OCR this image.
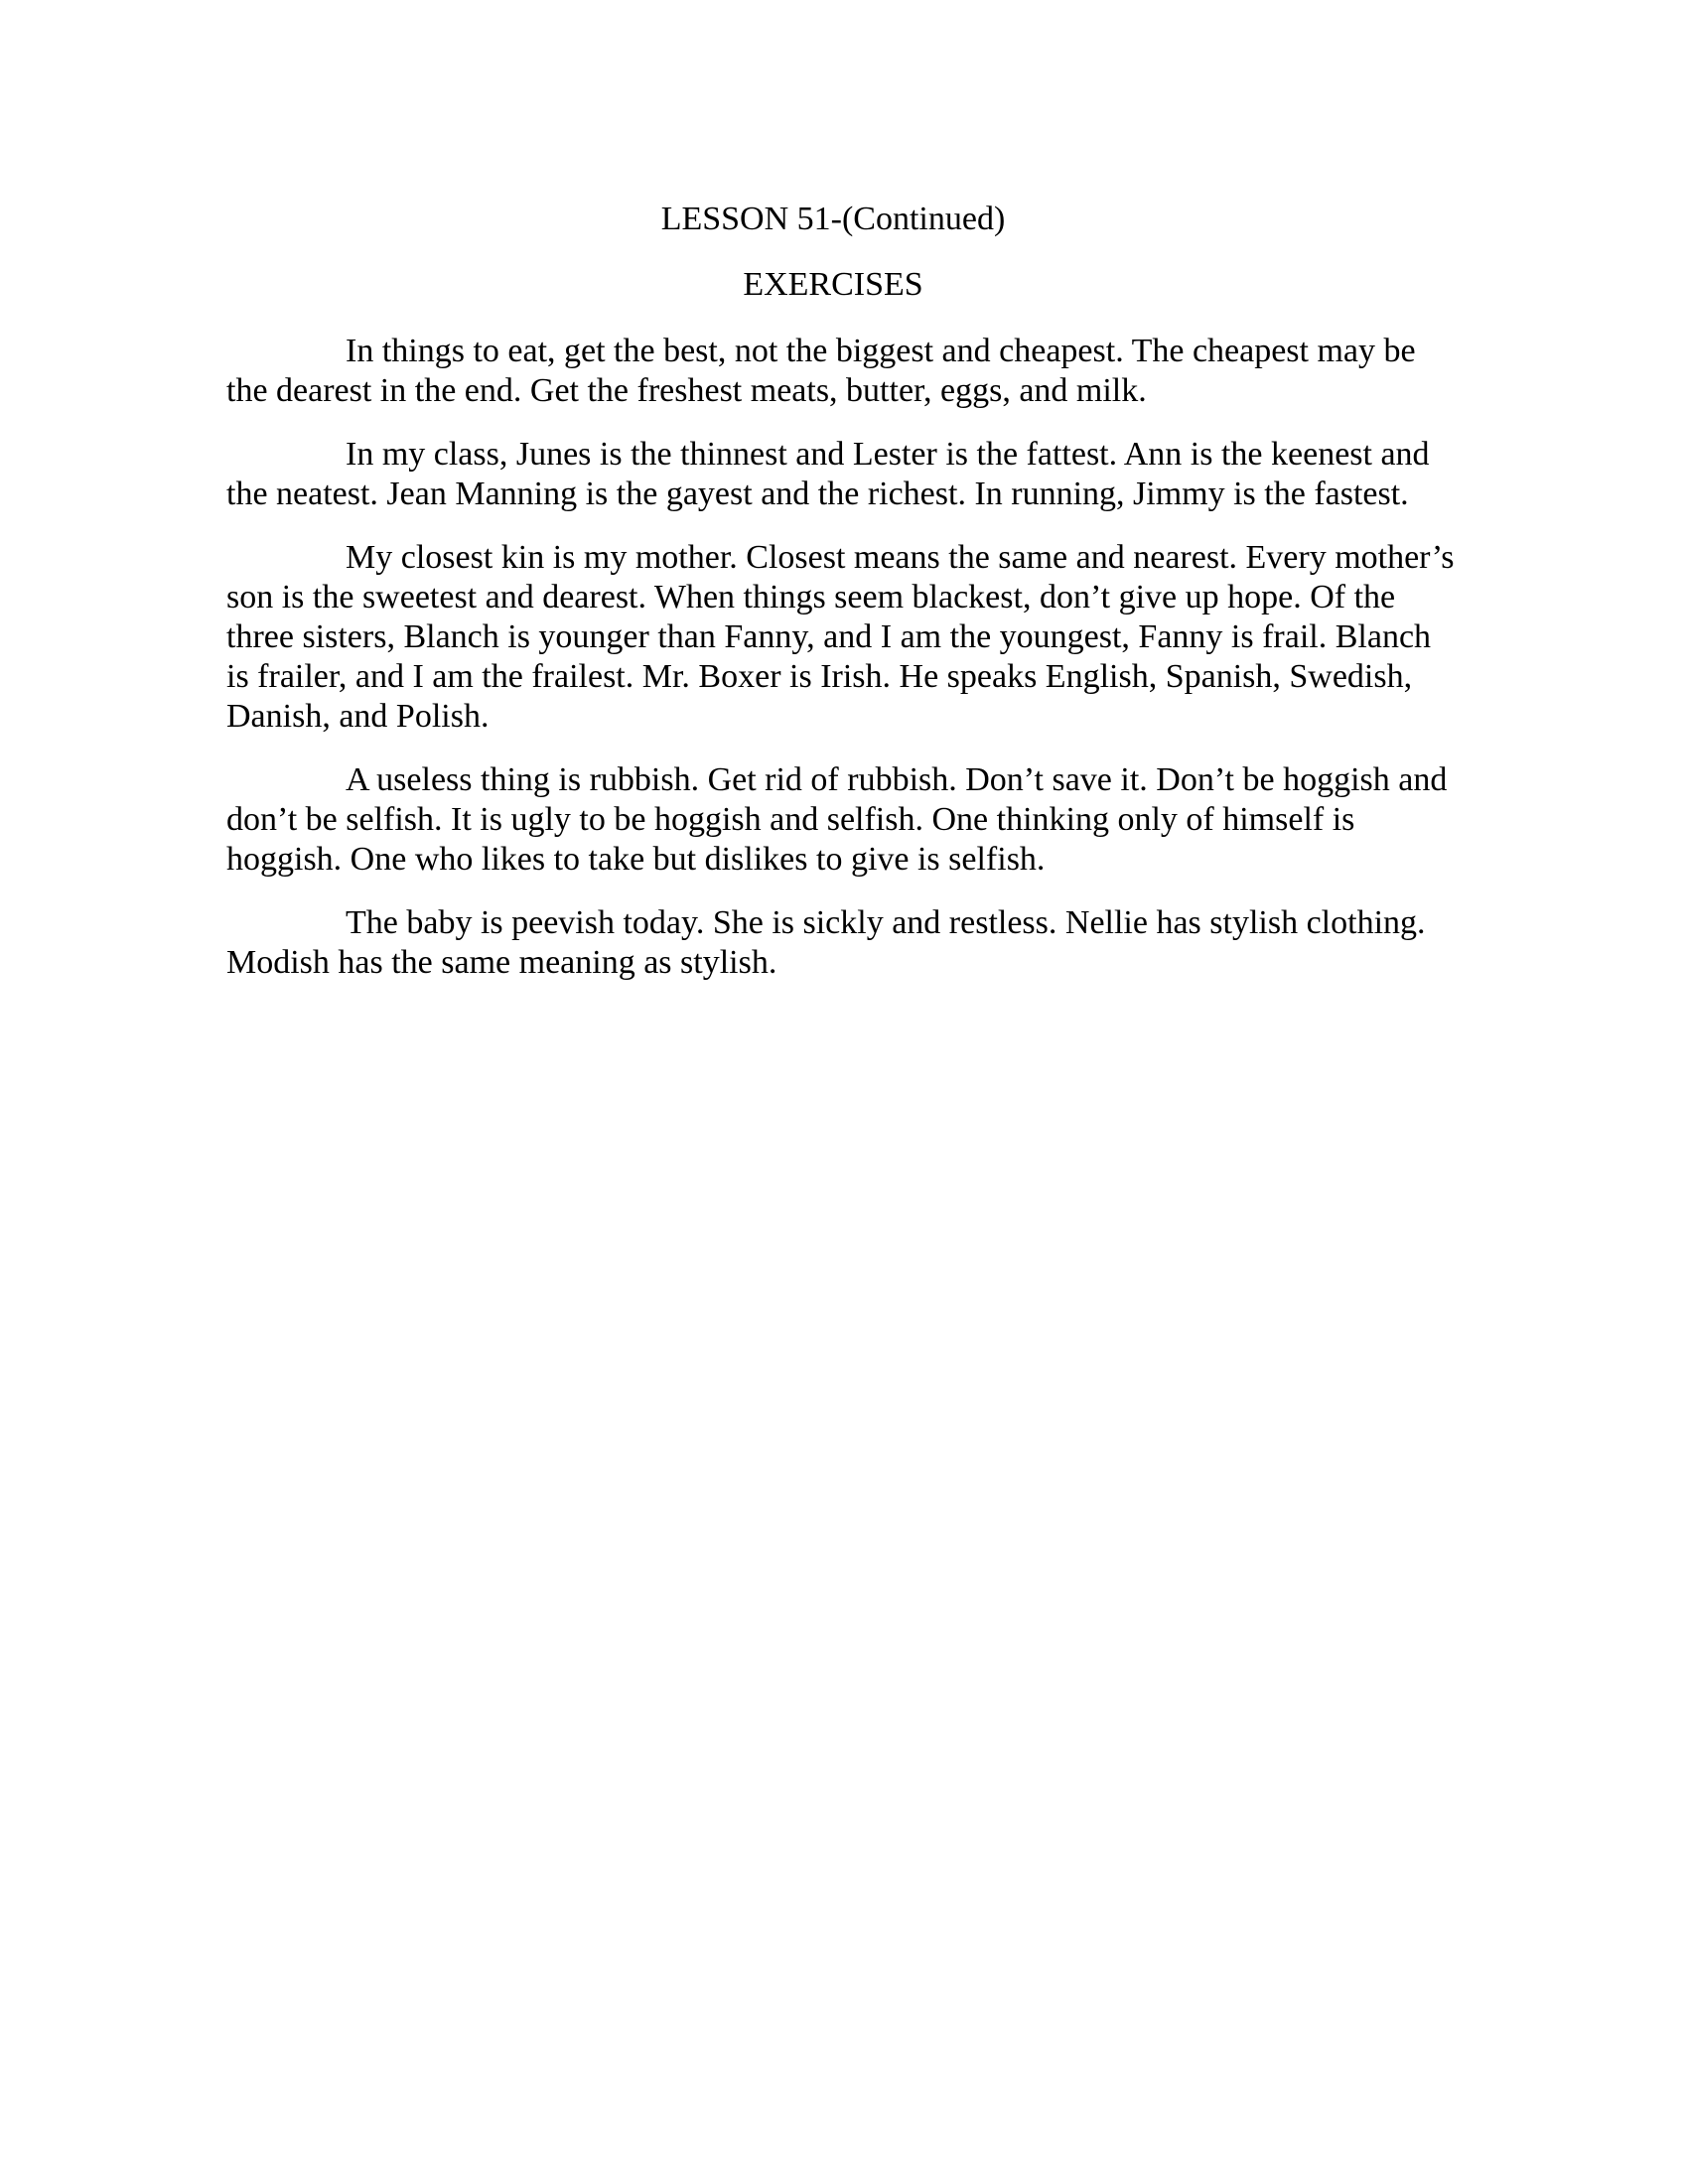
LESSON 51-(Continued)
EXERCISES

In things to eat, get the best, not the biggest and cheapest. The cheapest may be
the dearest in the end. Get the freshest meats, butter, eggs, and milk.

In my class, Junes is the thinnest and Lester is the fattest. Ann is the keenest and
the neatest. Jean Manning is the gayest and the richest. In running, Jimmy is the fastest.

My closest kin is my mother. Closest means the same and nearest. Every mother’s
son is the sweetest and dearest. When things seem blackest, don’t give up hope. Of the
three sisters, Blanch is younger than Fanny, and I am the youngest, Fanny is frail. Blanch
is frailer, and I am the frailest. Mr. Boxer is Irish. He speaks English, Spanish, Swedish,
Danish, and Polish.

A useless thing is rubbish. Get rid of rubbish. Don’t save it. Don’t be hoggish and
don’t be selfish. It is ugly to be hoggish and selfish. One thinking only of himself is
hoggish. One who likes to take but dislikes to give is selfish.

The baby is peevish today. She is sickly and restless. Nellie has stylish clothing.
Modish has the same meaning as stylish.
